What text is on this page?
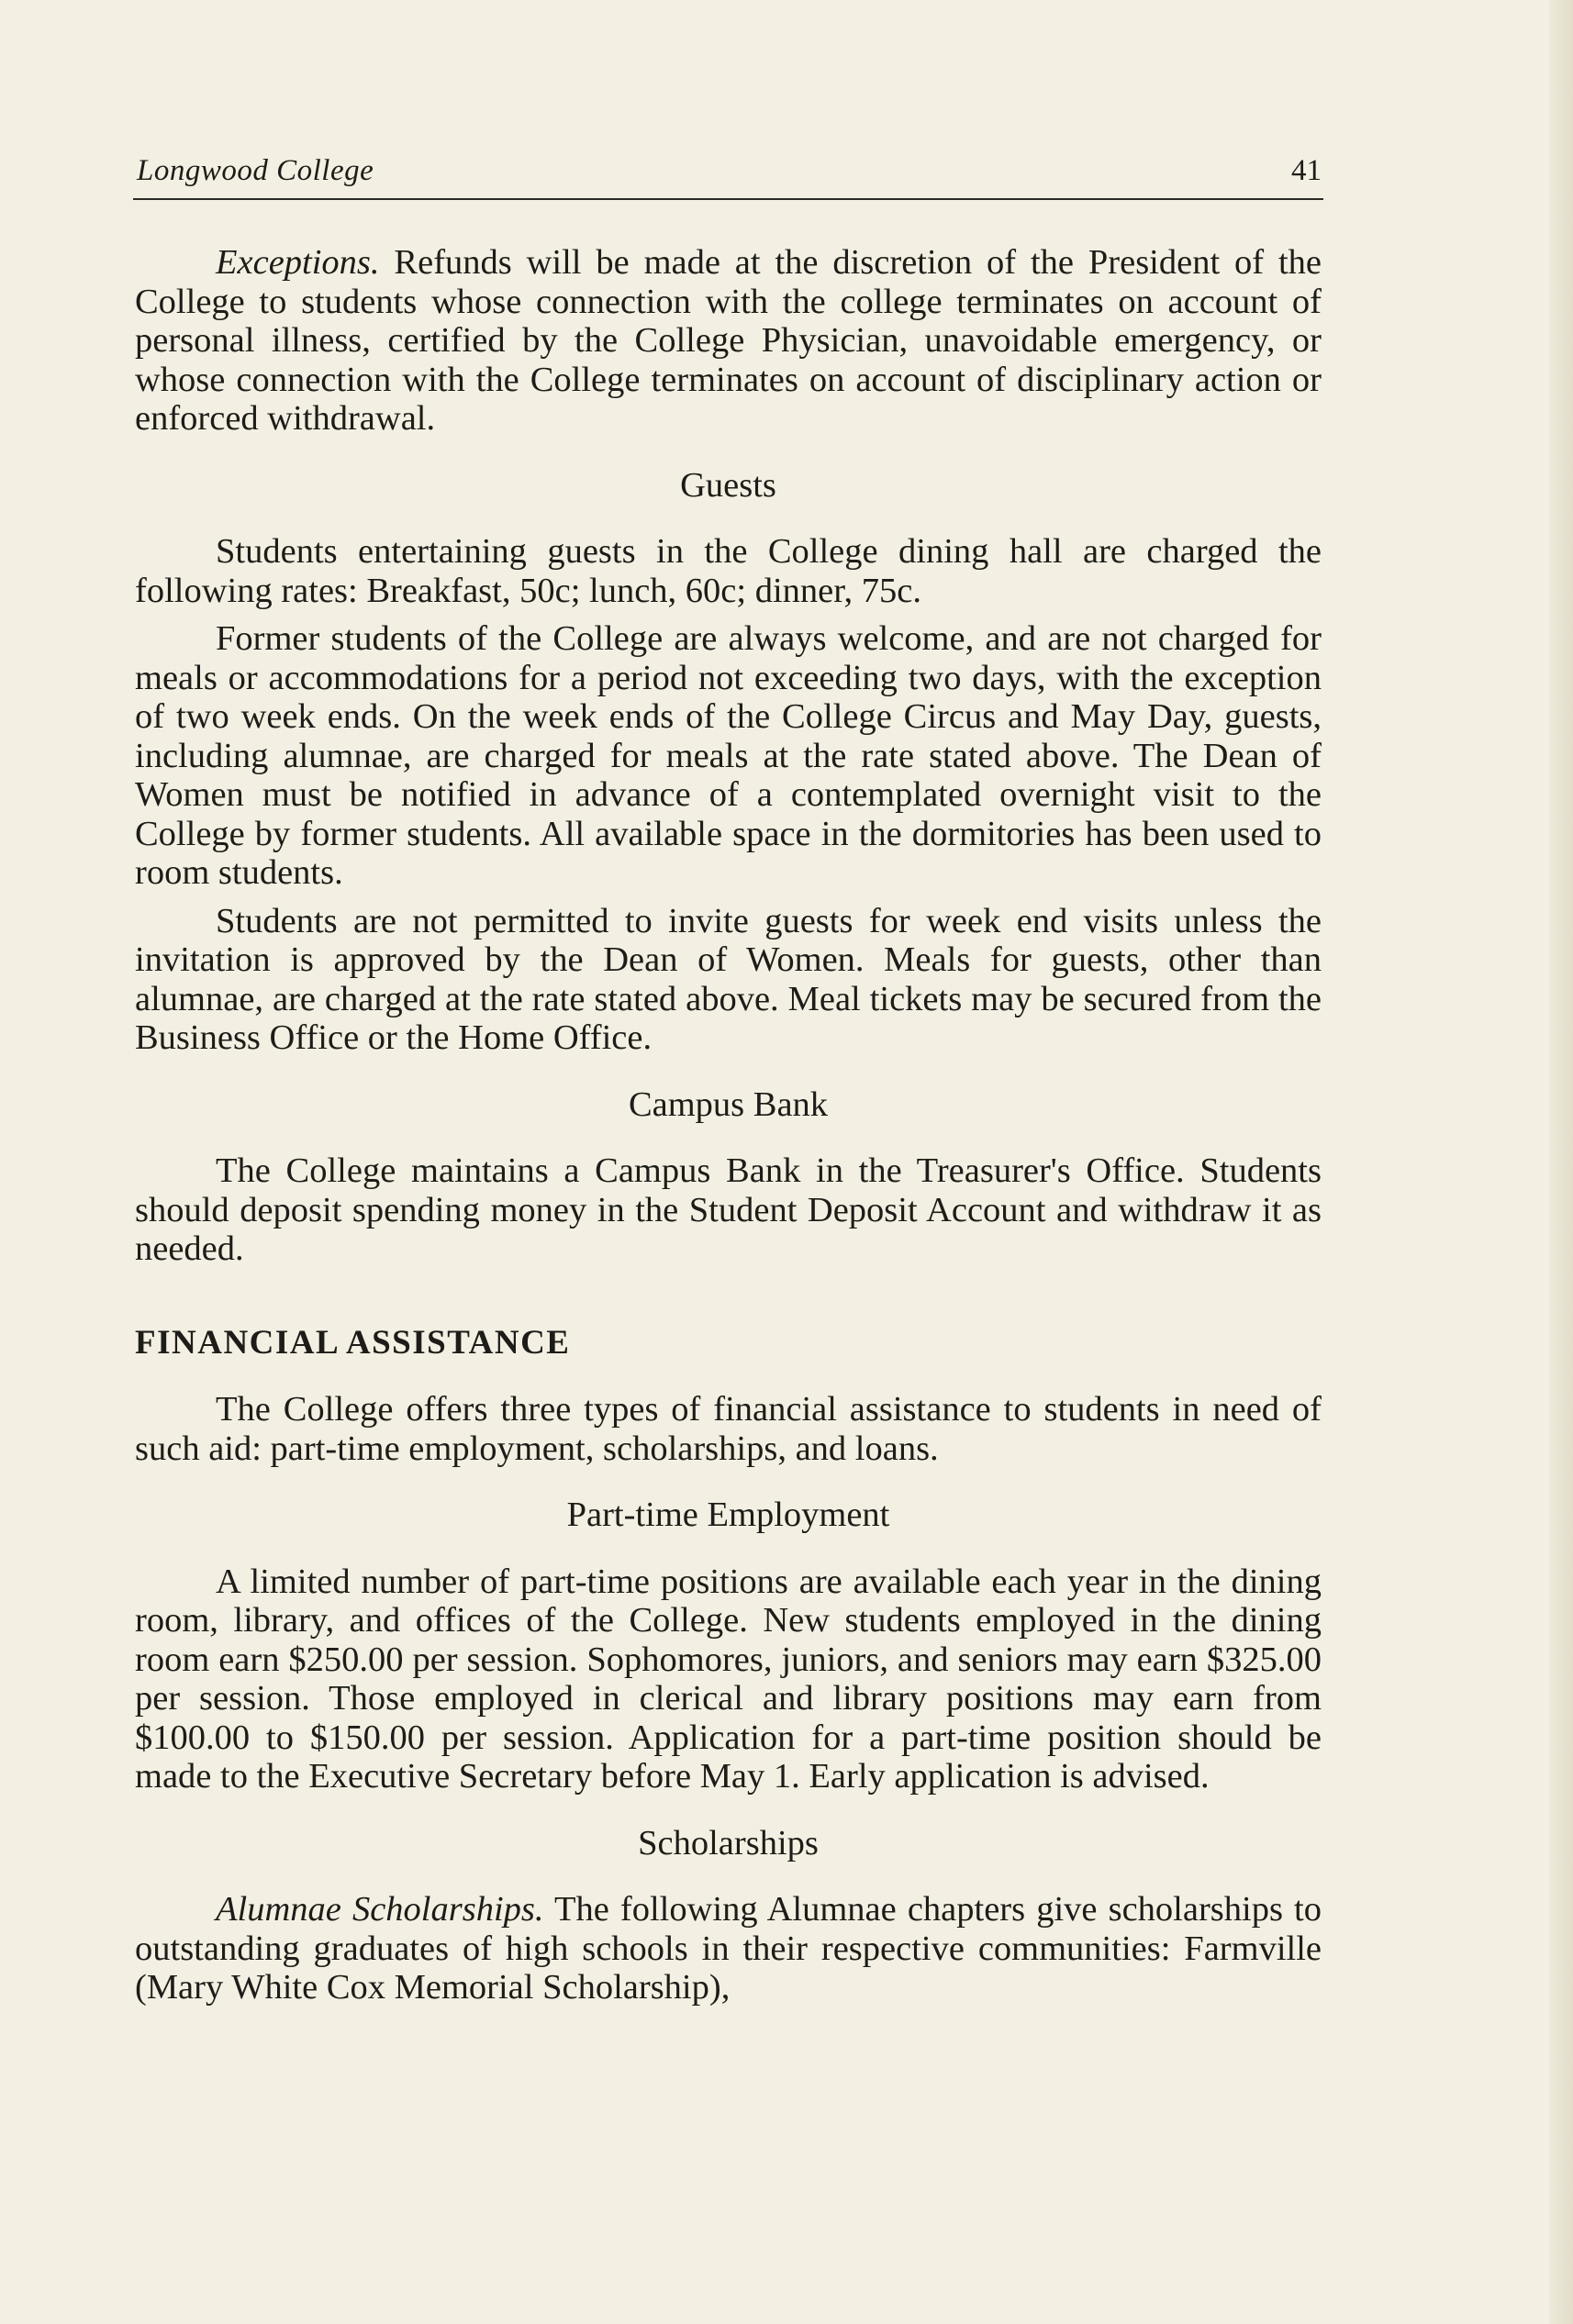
Longwood College	41

Exceptions. Refunds will be made at the discretion of the President of the College to students whose connection with the college terminates on account of personal illness, certified by the College Physician, unavoidable emergency, or whose connection with the College terminates on account of disciplinary action or enforced withdrawal.

Guests

Students entertaining guests in the College dining hall are charged the following rates: Breakfast, 50c; lunch, 60c; dinner, 75c.

Former students of the College are always welcome, and are not charged for meals or accommodations for a period not exceeding two days, with the exception of two week ends. On the week ends of the College Circus and May Day, guests, including alumnae, are charged for meals at the rate stated above. The Dean of Women must be notified in advance of a contemplated overnight visit to the College by former students. All available space in the dormitories has been used to room students.

Students are not permitted to invite guests for week end visits unless the invitation is approved by the Dean of Women. Meals for guests, other than alumnae, are charged at the rate stated above. Meal tickets may be secured from the Business Office or the Home Office.

Campus Bank

The College maintains a Campus Bank in the Treasurer's Office. Students should deposit spending money in the Student Deposit Account and withdraw it as needed.

FINANCIAL ASSISTANCE

The College offers three types of financial assistance to students in need of such aid: part-time employment, scholarships, and loans.

Part-time Employment

A limited number of part-time positions are available each year in the dining room, library, and offices of the College. New students employed in the dining room earn $250.00 per session. Sophomores, juniors, and seniors may earn $325.00 per session. Those employed in clerical and library positions may earn from $100.00 to $150.00 per session. Application for a part-time position should be made to the Executive Secretary before May 1. Early application is advised.

Scholarships

Alumnae Scholarships. The following Alumnae chapters give scholarships to outstanding graduates of high schools in their respective communities: Farmville (Mary White Cox Memorial Scholarship),
